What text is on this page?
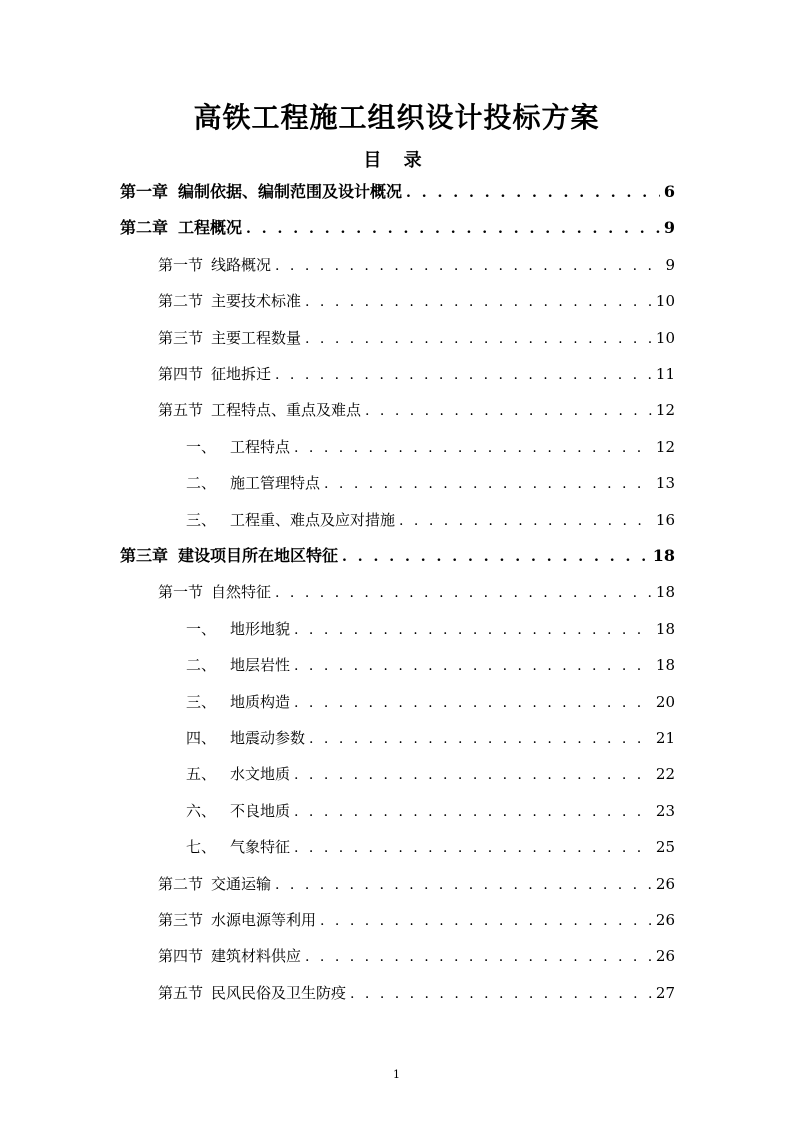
高铁工程施工组织设计投标方案
目 录
第一章 编制依据、编制范围及设计概况 . . .	6
第二章 工程概况 . . .	9
第一节 线路概况 . . .	9
第二节 主要技术标准 . . .	10
第三节 主要工程数量 . . .	10
第四节 征地拆迁 . . .	11
第五节 工程特点、重点及难点 . . .	12
一、 工程特点 . . .	12
二、 施工管理特点 . . .	13
三、 工程重、难点及应对措施 . . .	16
第三章 建设项目所在地区特征 . . .	18
第一节 自然特征 . . .	18
一、 地形地貌 . . .	18
二、 地层岩性 . . .	18
三、 地质构造 . . .	20
四、 地震动参数 . . .	21
五、 水文地质 . . .	22
六、 不良地质 . . .	23
七、 气象特征 . . .	25
第二节 交通运输 . . .	26
第三节 水源电源等利用 . . .	26
第四节 建筑材料供应 . . .	26
第五节 民风民俗及卫生防疫 . . .	27
1
